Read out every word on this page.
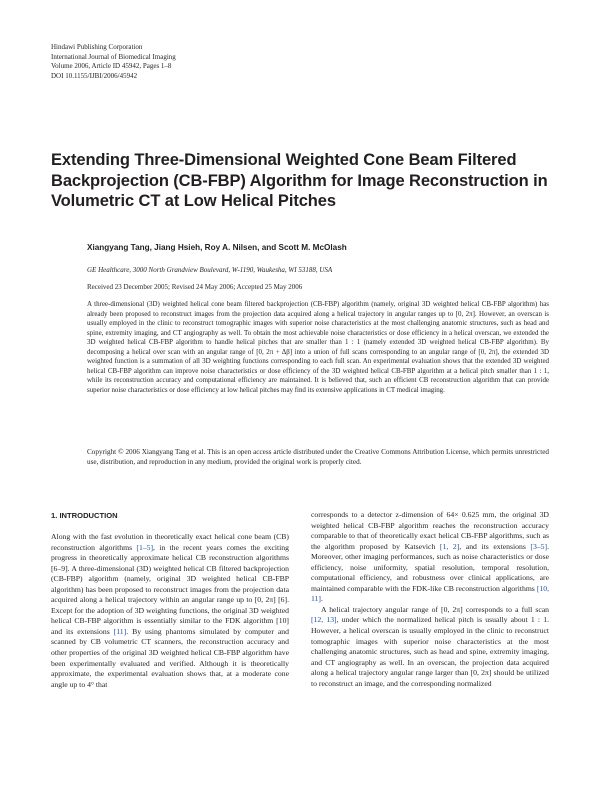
Hindawi Publishing Corporation
International Journal of Biomedical Imaging
Volume 2006, Article ID 45942, Pages 1–8
DOI 10.1155/IJBI/2006/45942
Extending Three-Dimensional Weighted Cone Beam Filtered Backprojection (CB-FBP) Algorithm for Image Reconstruction in Volumetric CT at Low Helical Pitches
Xiangyang Tang, Jiang Hsieh, Roy A. Nilsen, and Scott M. McOlash
GE Healthcare, 3000 North Grandview Boulevard, W-1190, Waukesha, WI 53188, USA
Received 23 December 2005; Revised 24 May 2006; Accepted 25 May 2006
A three-dimensional (3D) weighted helical cone beam filtered backprojection (CB-FBP) algorithm (namely, original 3D weighted helical CB-FBP algorithm) has already been proposed to reconstruct images from the projection data acquired along a helical trajectory in angular ranges up to [0, 2π]. However, an overscan is usually employed in the clinic to reconstruct tomographic images with superior noise characteristics at the most challenging anatomic structures, such as head and spine, extremity imaging, and CT angiography as well. To obtain the most achievable noise characteristics or dose efficiency in a helical overscan, we extended the 3D weighted helical CB-FBP algorithm to handle helical pitches that are smaller than 1 : 1 (namely extended 3D weighted helical CB-FBP algorithm). By decomposing a helical over scan with an angular range of [0, 2π + Δβ] into a union of full scans corresponding to an angular range of [0, 2π], the extended 3D weighted function is a summation of all 3D weighting functions corresponding to each full scan. An experimental evaluation shows that the extended 3D weighted helical CB-FBP algorithm can improve noise characteristics or dose efficiency of the 3D weighted helical CB-FBP algorithm at a helical pitch smaller than 1 : 1, while its reconstruction accuracy and computational efficiency are maintained. It is believed that, such an efficient CB reconstruction algorithm that can provide superior noise characteristics or dose efficiency at low helical pitches may find its extensive applications in CT medical imaging.
Copyright © 2006 Xiangyang Tang et al. This is an open access article distributed under the Creative Commons Attribution License, which permits unrestricted use, distribution, and reproduction in any medium, provided the original work is properly cited.
1. INTRODUCTION

Along with the fast evolution in theoretically exact helical cone beam (CB) reconstruction algorithms [1–5], in the recent years comes the exciting progress in theoretically approximate helical CB reconstruction algorithms [6–9]. A three-dimensional (3D) weighted helical CB filtered backprojection (CB-FBP) algorithm (namely, original 3D weighted helical CB-FBP algorithm) has been proposed to reconstruct images from the projection data acquired along a helical trajectory within an angular range up to [0, 2π] [6]. Except for the adoption of 3D weighting functions, the original 3D weighted helical CB-FBP algorithm is essentially similar to the FDK algorithm [10] and its extensions [11]. By using phantoms simulated by computer and scanned by CB volumetric CT scanners, the reconstruction accuracy and other properties of the original 3D weighted helical CB-FBP algorithm have been experimentally evaluated and verified. Although it is theoretically approximate, the experimental evaluation shows that, at a moderate cone angle up to 4° that

corresponds to a detector z-dimension of 64× 0.625 mm, the original 3D weighted helical CB-FBP algorithm reaches the reconstruction accuracy comparable to that of theoretically exact helical CB-FBP algorithms, such as the algorithm proposed by Katsevich [1, 2], and its extensions [3–5]. Moreover, other imaging performances, such as noise characteristics or dose efficiency, noise uniformity, spatial resolution, temporal resolution, computational efficiency, and robustness over clinical applications, are maintained comparable with the FDK-like CB reconstruction algorithms [10, 11].

A helical trajectory angular range of [0, 2π] corresponds to a full scan [12, 13], under which the normalized helical pitch is usually about 1 : 1. However, a helical overscan is usually employed in the clinic to reconstruct tomographic images with superior noise characteristics at the most challenging anatomic structures, such as head and spine, extremity imaging, and CT angiography as well. In an overscan, the projection data acquired along a helical trajectory angular range larger than [0, 2π] should be utilized to reconstruct an image, and the corresponding normalized
